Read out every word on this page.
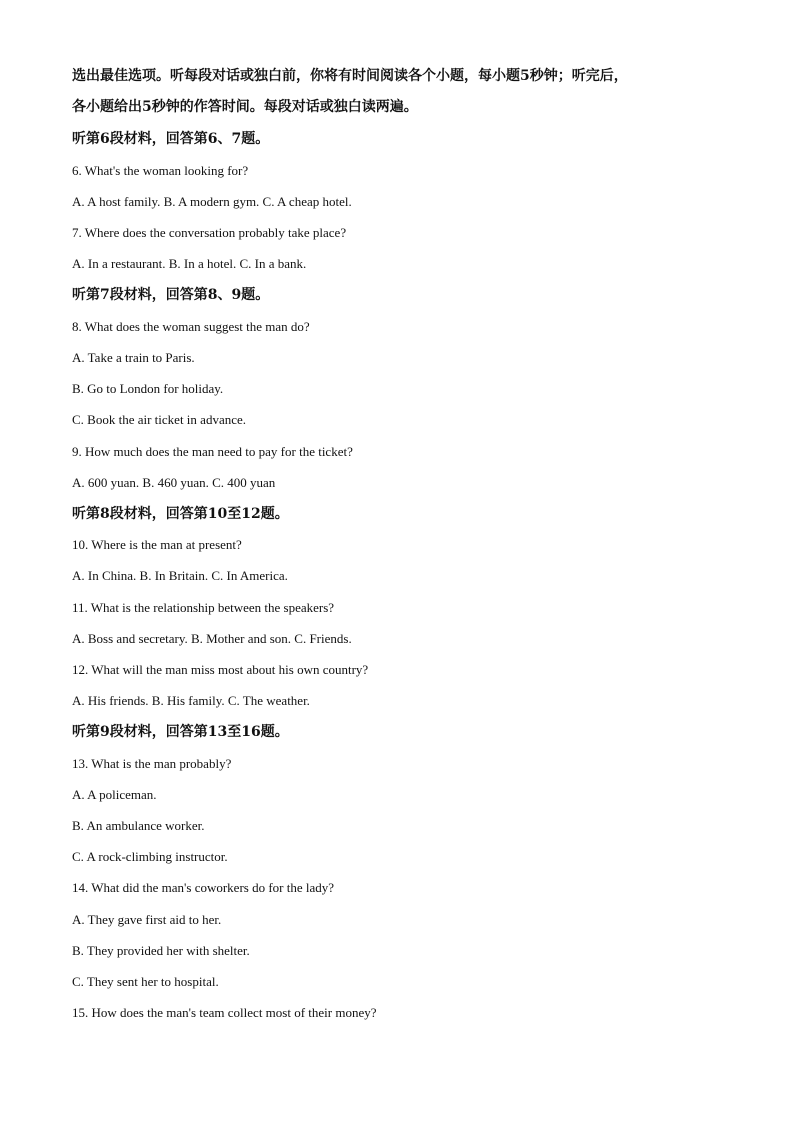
选出最佳选项。听每段对话或独白前，你将有时间阅读各个小题，每小题5秒钟；听完后，
各小题给出5秒钟的作答时间。每段对话或独白读两遍。
听第6段材料，回答第6、7题。
6. What's the woman looking for?
A. A host family. B. A modern gym. C. A cheap hotel.
7. Where does the conversation probably take place?
A. In a restaurant. B. In a hotel. C. In a bank.
听第7段材料，回答第8、9题。
8. What does the woman suggest the man do?
A. Take a train to Paris.
B. Go to London for holiday.
C. Book the air ticket in advance.
9. How much does the man need to pay for the ticket?
A. 600 yuan. B. 460 yuan. C. 400 yuan
听第8段材料，回答第10至12题。
10. Where is the man at present?
A. In China. B. In Britain. C. In America.
11. What is the relationship between the speakers?
A. Boss and secretary. B. Mother and son. C. Friends.
12. What will the man miss most about his own country?
A. His friends. B. His family. C. The weather.
听第9段材料，回答第13至16题。
13. What is the man probably?
A. A policeman.
B. An ambulance worker.
C. A rock-climbing instructor.
14. What did the man's coworkers do for the lady?
A. They gave first aid to her.
B. They provided her with shelter.
C. They sent her to hospital.
15. How does the man's team collect most of their money?
